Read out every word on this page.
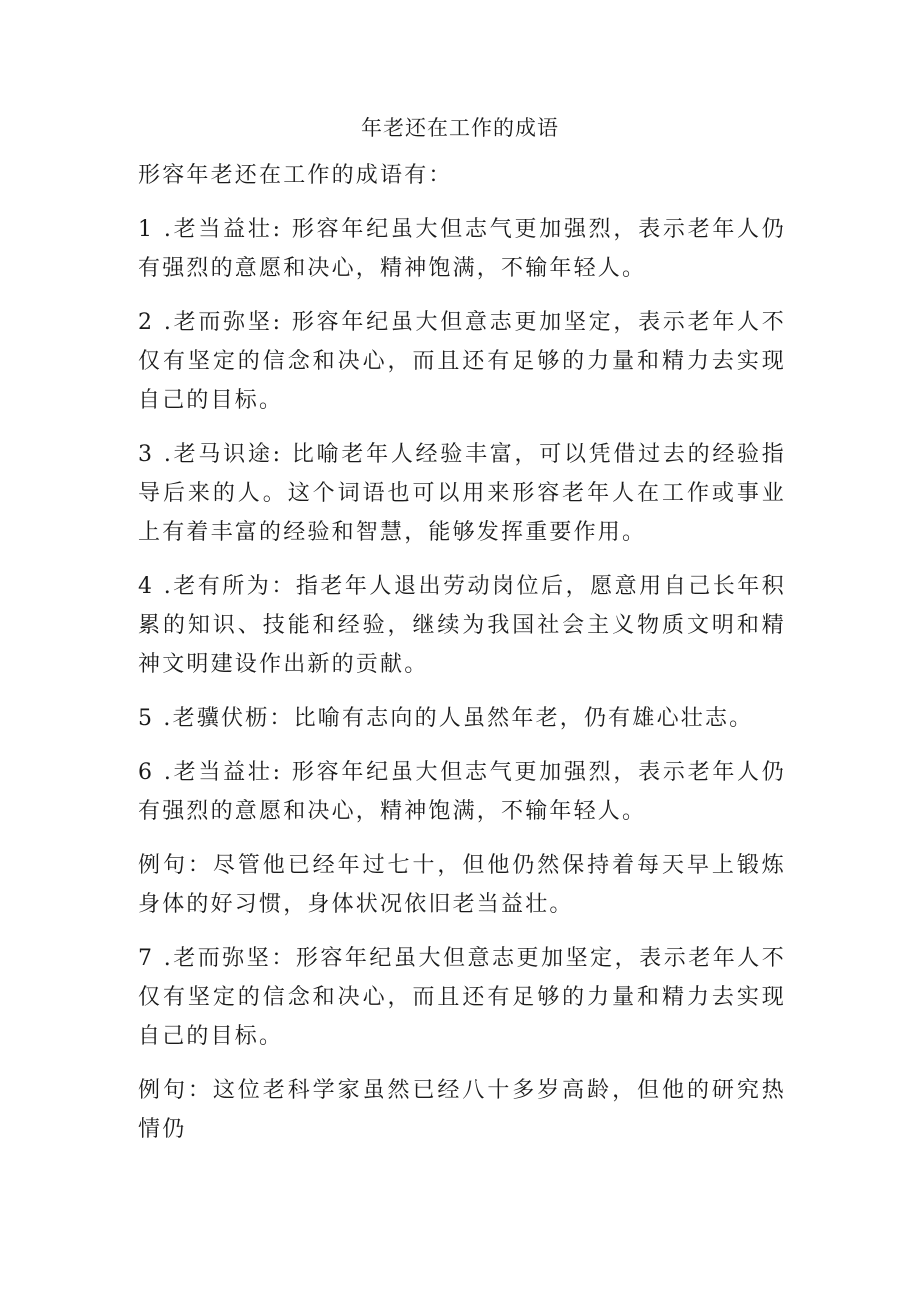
年老还在工作的成语

形容年老还在工作的成语有：

1 .老当益壮: 形容年纪虽大但志气更加强烈，表示老年人仍有强烈的意愿和决心，精神饱满，不输年轻人。

2 .老而弥坚: 形容年纪虽大但意志更加坚定，表示老年人不仅有坚定的信念和决心，而且还有足够的力量和精力去实现自己的目标。

3 .老马识途: 比喻老年人经验丰富，可以凭借过去的经验指导后来的人。这个词语也可以用来形容老年人在工作或事业上有着丰富的经验和智慧，能够发挥重要作用。

4 .老有所为：指老年人退出劳动岗位后，愿意用自己长年积累的知识、技能和经验，继续为我国社会主义物质文明和精神文明建设作出新的贡献。

5 .老骥伏枥：比喻有志向的人虽然年老，仍有雄心壮志。

6 .老当益壮: 形容年纪虽大但志气更加强烈，表示老年人仍有强烈的意愿和决心，精神饱满，不输年轻人。

例句：尽管他已经年过七十，但他仍然保持着每天早上锻炼身体的好习惯，身体状况依旧老当益壮。

7 .老而弥坚：形容年纪虽大但意志更加坚定，表示老年人不仅有坚定的信念和决心，而且还有足够的力量和精力去实现自己的目标。

例句：这位老科学家虽然已经八十多岁高龄，但他的研究热情仍
